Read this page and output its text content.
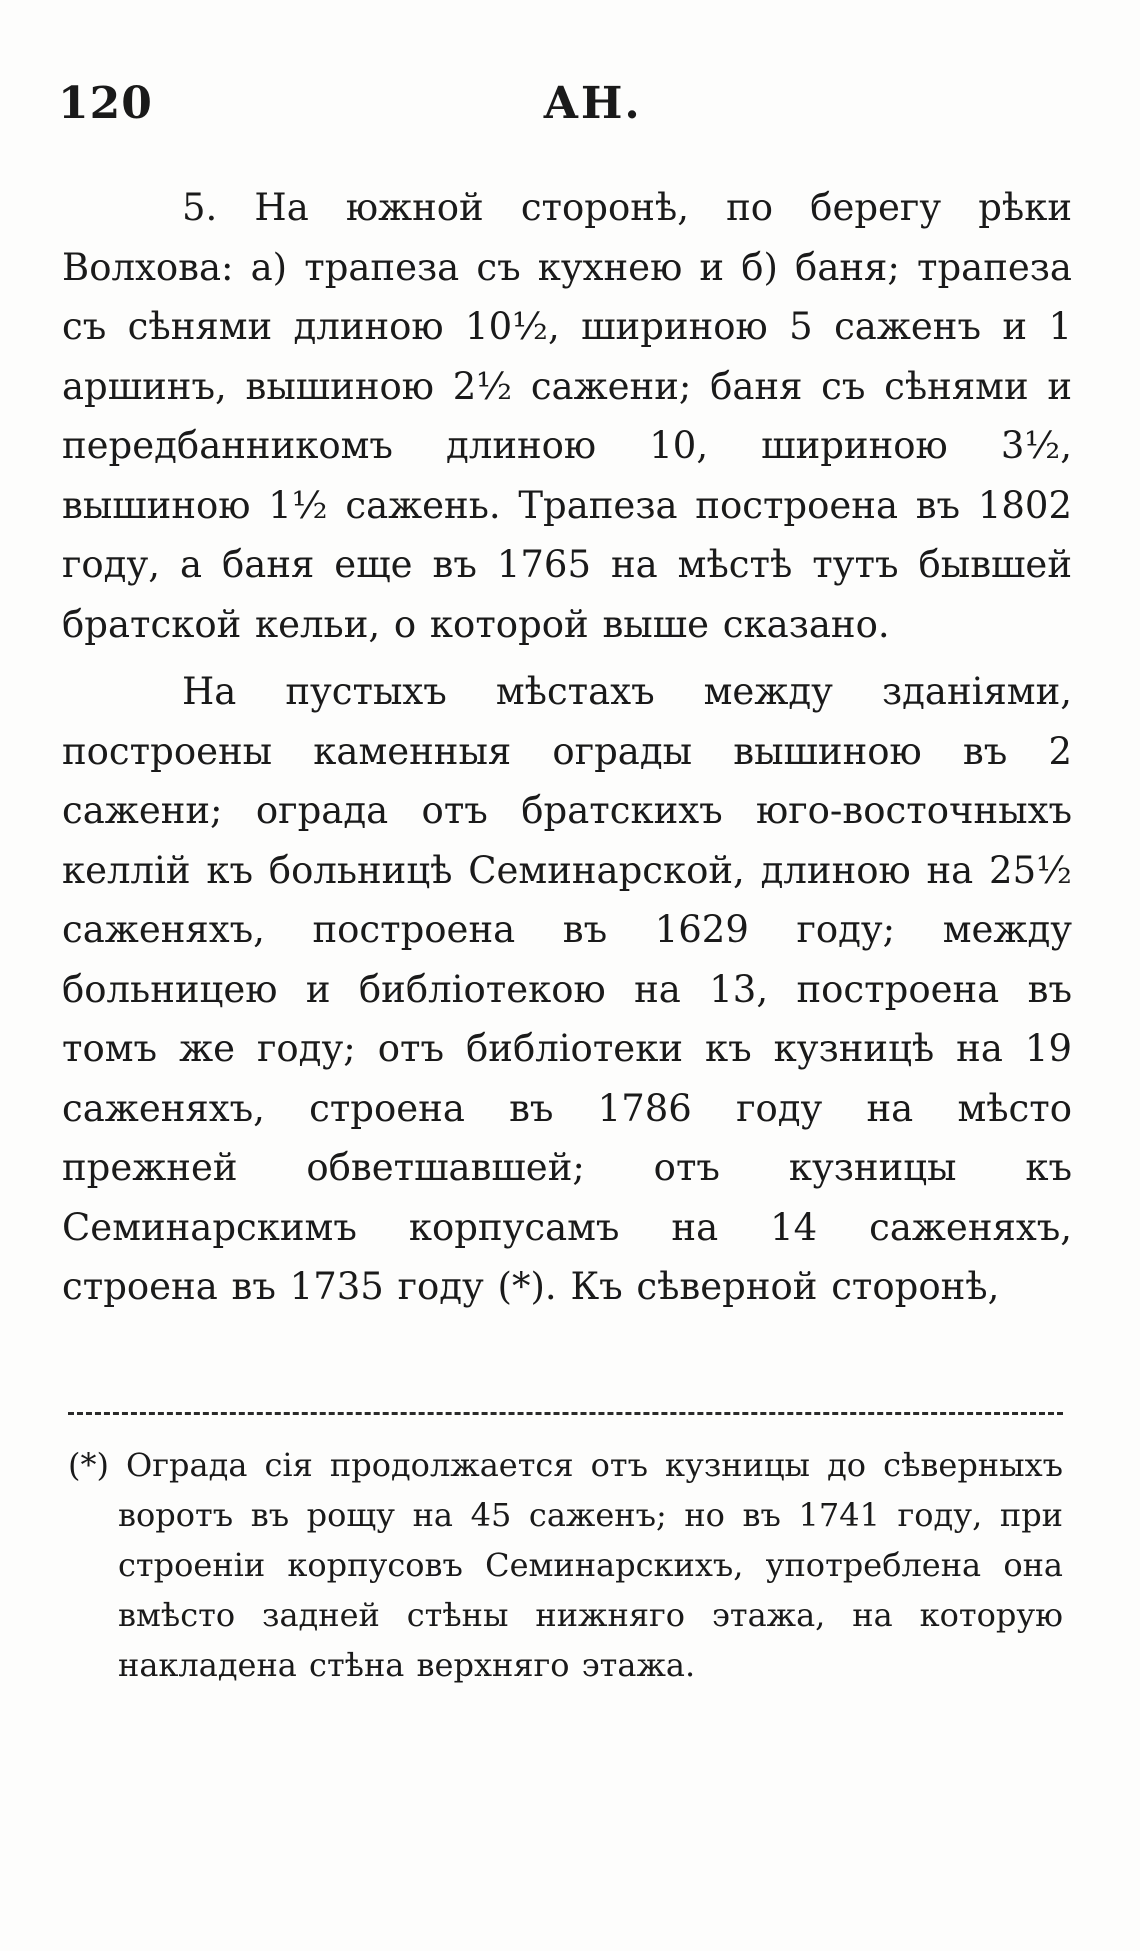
120	АН.

5. На южной сторонѣ, по берегу рѣки Волхова: а) трапеза съ кухнею и б) баня; трапеза съ сѣнями длиною 10½, шириною 5 саженъ и 1 аршинъ, вышиною 2½ сажени; баня съ сѣнями и передбанникомъ длиною 10, шириною 3½, вышиною 1½ сажень. Трапеза построена въ 1802 году, а баня еще въ 1765 на мѣстѣ тутъ бывшей братской кельи, о которой выше сказано.

На пустыхъ мѣстахъ между зданіями, построены каменныя ограды вышиною въ 2 сажени; ограда отъ братскихъ юго-восточныхъ келлій къ больницѣ Семинарской, длиною на 25½ саженяхъ, построена въ 1629 году; между больницею и библіотекою на 13, построена въ томъ же году; отъ библіотеки къ кузницѣ на 19 саженяхъ, строена въ 1786 году на мѣсто прежней обветшавшей; отъ кузницы къ Семинарскимъ корпусамъ на 14 саженяхъ, строена въ 1735 году (*). Къ сѣверной сторонѣ,

(*) Ограда сія продолжается отъ кузницы до сѣверныхъ воротъ въ рощу на 45 саженъ; но въ 1741 году, при строеніи корпусовъ Семинарскихъ, употреблена она вмѣсто задней стѣны нижняго этажа, на которую накладена стѣна верхняго этажа.
